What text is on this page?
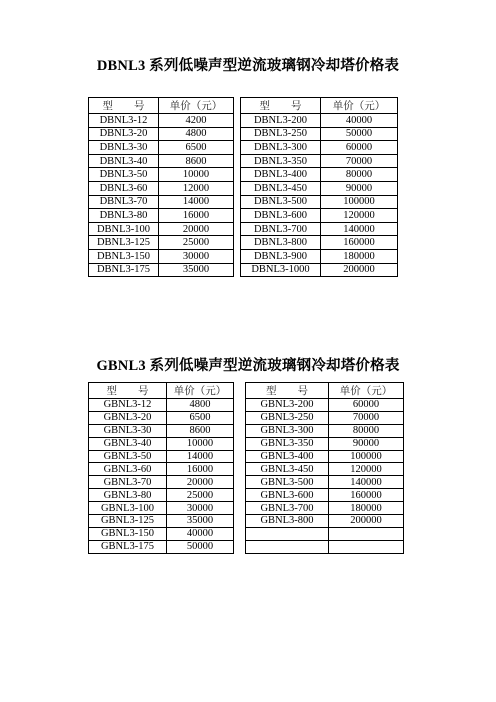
DBNL3 系列低噪声型逆流玻璃钢冷却塔价格表
型　　号	单价（元）		型　　号	单价（元）
DBNL3-12	4200		DBNL3-200	40000
DBNL3-20	4800		DBNL3-250	50000
DBNL3-30	6500		DBNL3-300	60000
DBNL3-40	8600		DBNL3-350	70000
DBNL3-50	10000		DBNL3-400	80000
DBNL3-60	12000		DBNL3-450	90000
DBNL3-70	14000		DBNL3-500	100000
DBNL3-80	16000		DBNL3-600	120000
DBNL3-100	20000		DBNL3-700	140000
DBNL3-125	25000		DBNL3-800	160000
DBNL3-150	30000		DBNL3-900	180000
DBNL3-175	35000		DBNL3-1000	200000
GBNL3 系列低噪声型逆流玻璃钢冷却塔价格表
型　　号	单价（元）		型　　号	单价（元）
GBNL3-12	4800		GBNL3-200	60000
GBNL3-20	6500		GBNL3-250	70000
GBNL3-30	8600		GBNL3-300	80000
GBNL3-40	10000		GBNL3-350	90000
GBNL3-50	14000		GBNL3-400	100000
GBNL3-60	16000		GBNL3-450	120000
GBNL3-70	20000		GBNL3-500	140000
GBNL3-80	25000		GBNL3-600	160000
GBNL3-100	30000		GBNL3-700	180000
GBNL3-125	35000		GBNL3-800	200000
GBNL3-150	40000			
GBNL3-175	50000			
